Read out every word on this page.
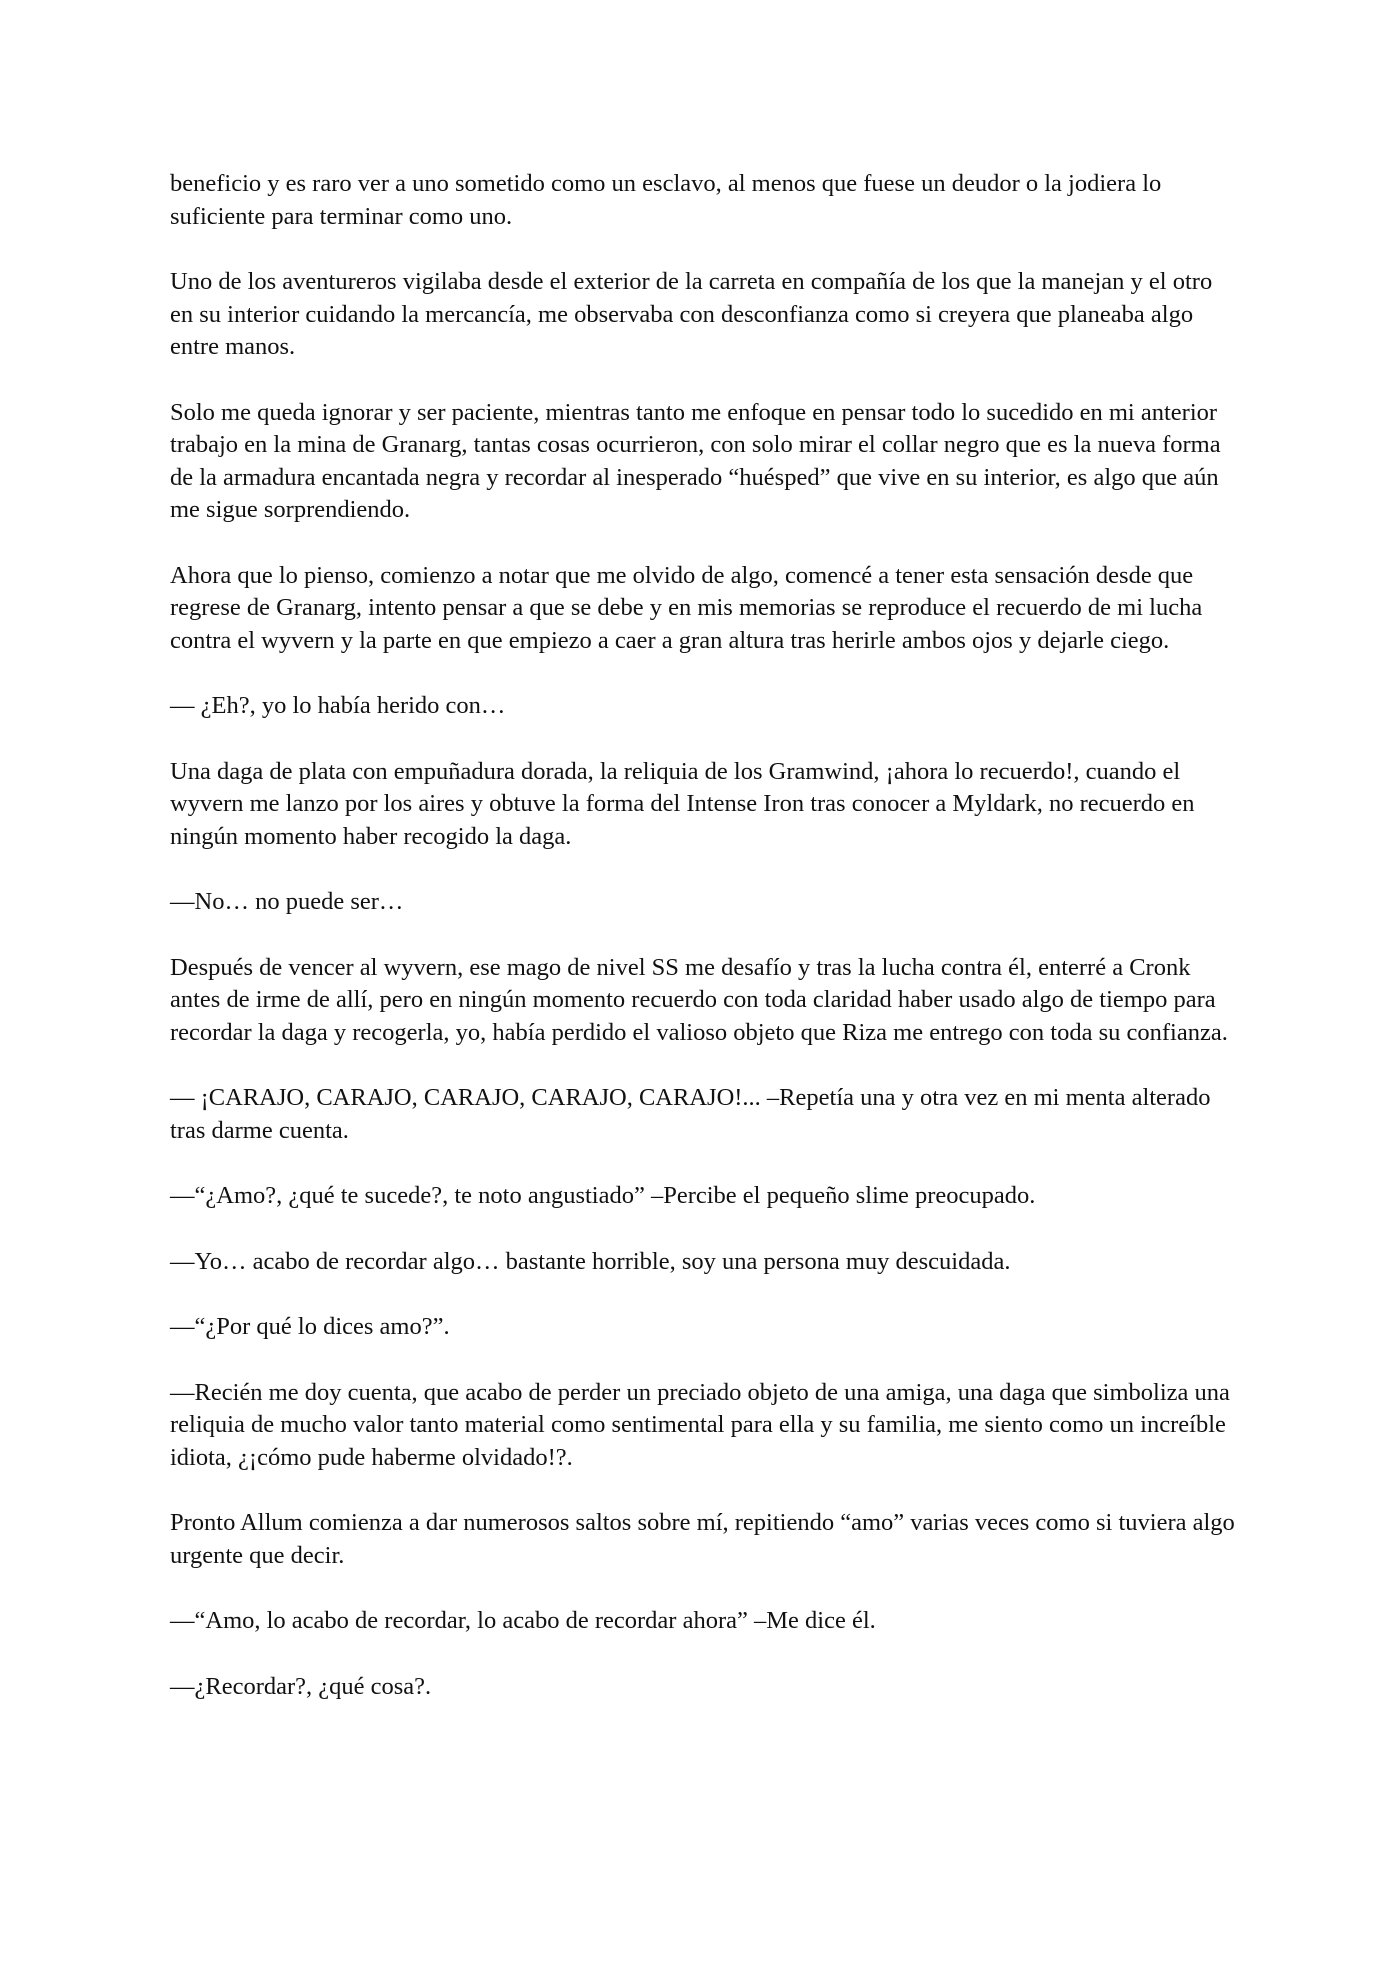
beneficio y es raro ver a uno sometido como un esclavo, al menos que fuese un deudor o la jodiera lo suficiente para terminar como uno.

Uno de los aventureros vigilaba desde el exterior de la carreta en compañía de los que la manejan y el otro en su interior cuidando la mercancía, me observaba con desconfianza como si creyera que planeaba algo entre manos.

Solo me queda ignorar y ser paciente, mientras tanto me enfoque en pensar todo lo sucedido en mi anterior trabajo en la mina de Granarg, tantas cosas ocurrieron, con solo mirar el collar negro que es la nueva forma de la armadura encantada negra y recordar al inesperado “huésped” que vive en su interior, es algo que aún me sigue sorprendiendo.

Ahora que lo pienso, comienzo a notar que me olvido de algo, comencé a tener esta sensación desde que regrese de Granarg, intento pensar a que se debe y en mis memorias se reproduce el recuerdo de mi lucha contra el wyvern y la parte en que empiezo a caer a gran altura tras herirle ambos ojos y dejarle ciego.

— ¿Eh?, yo lo había herido con…

Una daga de plata con empuñadura dorada, la reliquia de los Gramwind, ¡ahora lo recuerdo!, cuando el wyvern me lanzo por los aires y obtuve la forma del Intense Iron tras conocer a Myldark, no recuerdo en ningún momento haber recogido la daga.

—No… no puede ser…

Después de vencer al wyvern, ese mago de nivel SS me desafío y tras la lucha contra él, enterré a Cronk antes de irme de allí, pero en ningún momento recuerdo con toda claridad haber usado algo de tiempo para recordar la daga y recogerla, yo, había perdido el valioso objeto que Riza me entrego con toda su confianza.

— ¡CARAJO, CARAJO, CARAJO, CARAJO, CARAJO!... –Repetía una y otra vez en mi menta alterado tras darme cuenta.

—“¿Amo?, ¿qué te sucede?, te noto angustiado” –Percibe el pequeño slime preocupado.

—Yo… acabo de recordar algo… bastante horrible, soy una persona muy descuidada.

—“¿Por qué lo dices amo?”.

—Recién me doy cuenta, que acabo de perder un preciado objeto de una amiga, una daga que simboliza una reliquia de mucho valor tanto material como sentimental para ella y su familia, me siento como un increíble idiota, ¿¡cómo pude haberme olvidado!?.

Pronto Allum comienza a dar numerosos saltos sobre mí, repitiendo “amo” varias veces como si tuviera algo urgente que decir.

—“Amo, lo acabo de recordar, lo acabo de recordar ahora” –Me dice él.

—¿Recordar?, ¿qué cosa?.
